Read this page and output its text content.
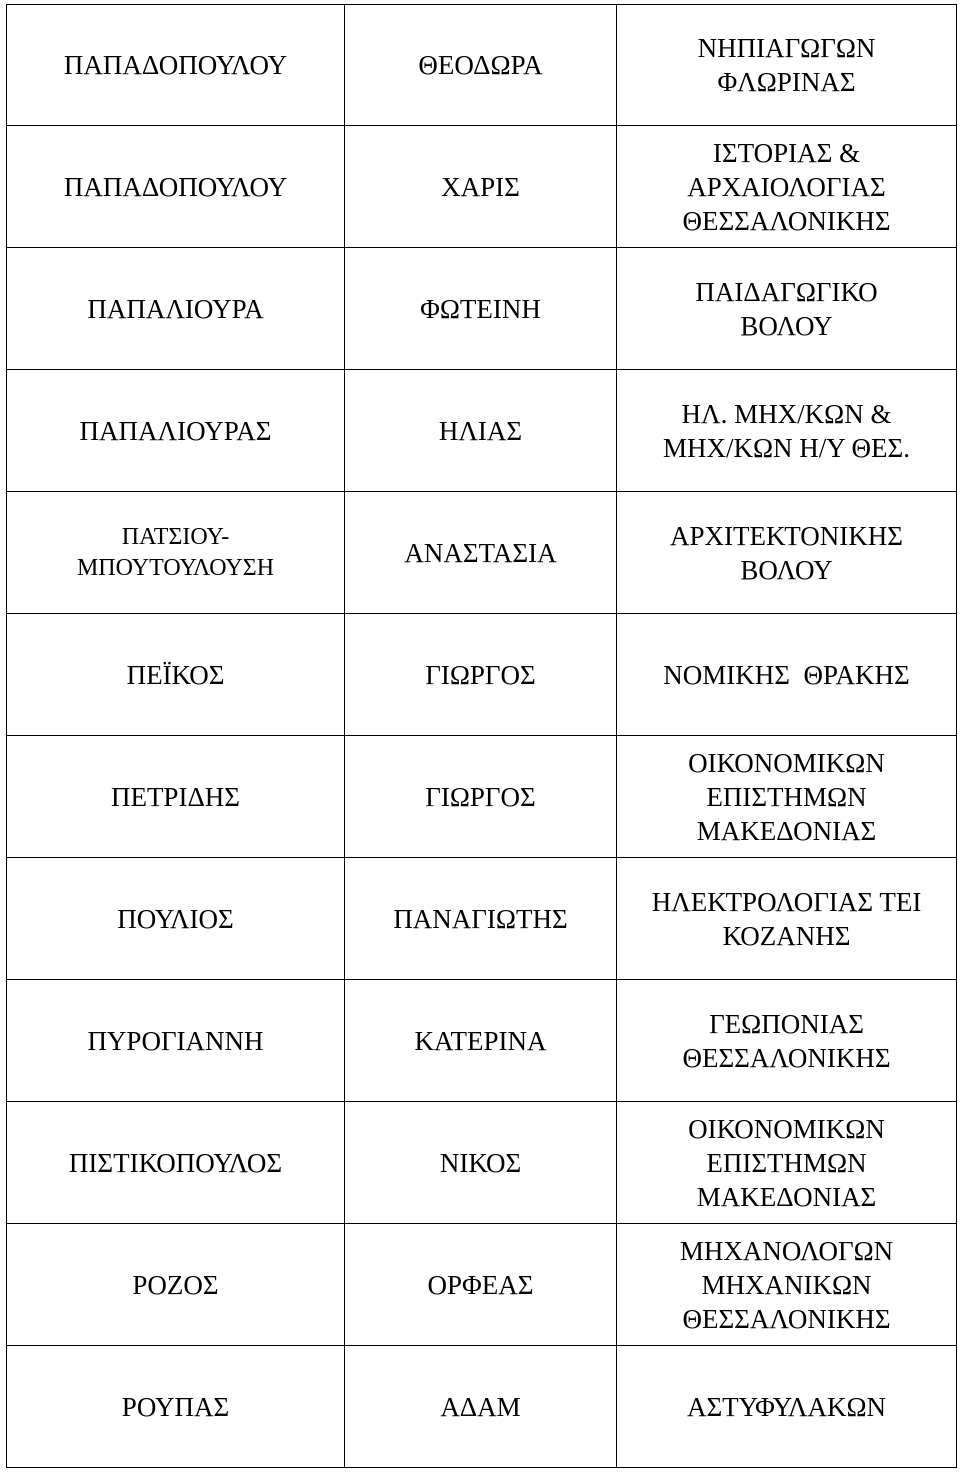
ΠΑΠΑΔΟΠΟΥΛΟΥ	ΘΕΟΔΩΡΑ	ΝΗΠΙΑΓΩΓΩΝ
ΦΛΩΡΙΝΑΣ
ΠΑΠΑΔΟΠΟΥΛΟΥ	ΧΑΡΙΣ	ΙΣΤΟΡΙΑΣ &
ΑΡΧΑΙΟΛΟΓΙΑΣ
ΘΕΣΣΑΛΟΝΙΚΗΣ
ΠΑΠΑΛΙΟΥΡΑ	ΦΩΤΕΙΝΗ	ΠΑΙΔΑΓΩΓΙΚΟ
ΒΟΛΟΥ
ΠΑΠΑΛΙΟΥΡΑΣ	ΗΛΙΑΣ	ΗΛ. ΜΗΧ/ΚΩΝ &
ΜΗΧ/ΚΩΝ Η/Υ ΘΕΣ.
ΠΑΤΣΙΟΥ-
ΜΠΟΥΤΟΥΛΟΥΣΗ	ΑΝΑΣΤΑΣΙΑ	ΑΡΧΙΤΕΚΤΟΝΙΚΗΣ
ΒΟΛΟΥ
ΠΕΪΚΟΣ	ΓΙΩΡΓΟΣ	ΝΟΜΙΚΗΣ  ΘΡΑΚΗΣ
ΠΕΤΡΙΔΗΣ	ΓΙΩΡΓΟΣ	ΟΙΚΟΝΟΜΙΚΩΝ
ΕΠΙΣΤΗΜΩΝ
ΜΑΚΕΔΟΝΙΑΣ
ΠΟΥΛΙΟΣ	ΠΑΝΑΓΙΩΤΗΣ	ΗΛΕΚΤΡΟΛΟΓΙΑΣ ΤΕΙ
ΚΟΖΑΝΗΣ
ΠΥΡΟΓΙΑΝΝΗ	ΚΑΤΕΡΙΝΑ	ΓΕΩΠΟΝΙΑΣ
ΘΕΣΣΑΛΟΝΙΚΗΣ
ΠΙΣΤΙΚΟΠΟΥΛΟΣ	ΝΙΚΟΣ	ΟΙΚΟΝΟΜΙΚΩΝ
ΕΠΙΣΤΗΜΩΝ
ΜΑΚΕΔΟΝΙΑΣ
ΡΟΖΟΣ	ΟΡΦΕΑΣ	ΜΗΧΑΝΟΛΟΓΩΝ
ΜΗΧΑΝΙΚΩΝ
ΘΕΣΣΑΛΟΝΙΚΗΣ
ΡΟΥΠΑΣ	ΑΔΑΜ	ΑΣΤΥΦΥΛΑΚΩΝ
